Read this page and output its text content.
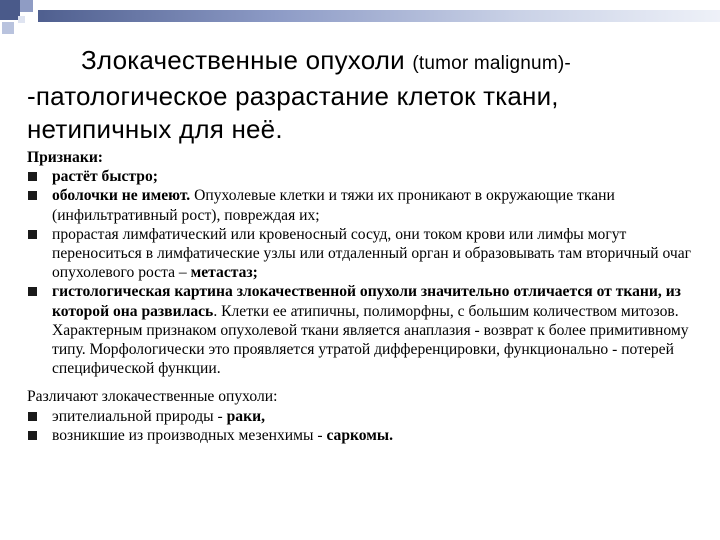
Злокачественные опухоли (tumor malignum)-
-патологическое разрастание клеток ткани, нетипичных для неё.
Признаки:
растёт быстро;
оболочки не имеют. Опухолевые клетки и тяжи их проникают в окружающие ткани (инфильтративный рост), повреждая их;
прорастая лимфатический или кровеносный сосуд, они током крови или лимфы могут переноситься в лимфатические узлы или отдаленный орган и образовывать там вторичный очаг опухолевого роста – метастаз;
гистологическая картина злокачественной опухоли значительно отличается от ткани, из которой она развилась. Клетки ее атипичны, полиморфны, с большим количеством митозов. Характерным признаком опухолевой ткани является анаплазия - возврат к более примитивному типу. Морфологически это проявляется утратой дифференцировки, функционально - потерей специфической функции.

Различают злокачественные опухоли:

эпителиальной природы - раки,
возникшие из производных мезенхимы - саркомы.
